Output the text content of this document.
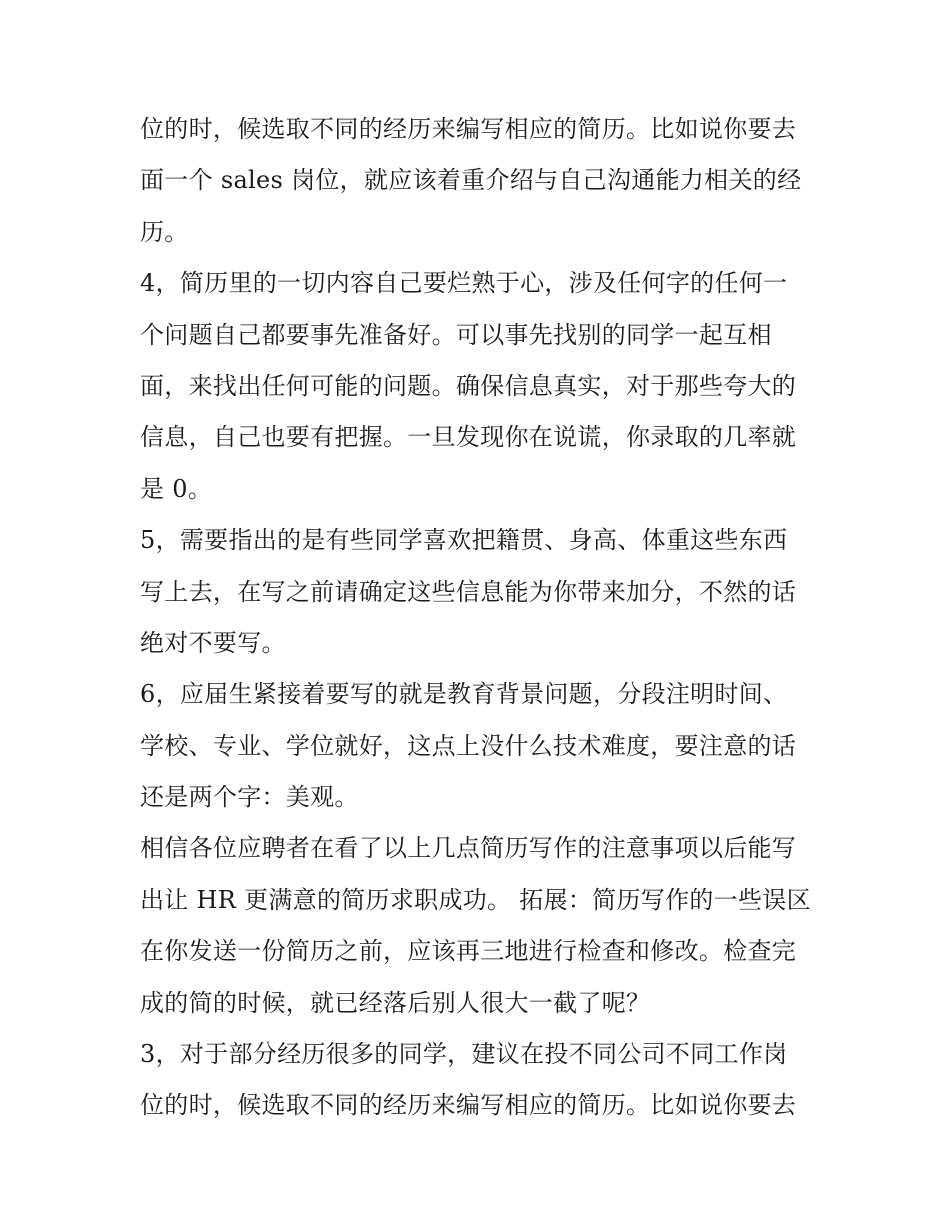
位的时，候选取不同的经历来编写相应的简历。比如说你要去
面一个 sales 岗位，就应该着重介绍与自己沟通能力相关的经
历。
4，简历里的一切内容自己要烂熟于心，涉及任何字的任何一
个问题自己都要事先准备好。可以事先找别的同学一起互相
面，来找出任何可能的问题。确保信息真实，对于那些夸大的
信息，自己也要有把握。一旦发现你在说谎，你录取的几率就
是 0。
5，需要指出的是有些同学喜欢把籍贯、身高、体重这些东西
写上去，在写之前请确定这些信息能为你带来加分，不然的话
绝对不要写。
6，应届生紧接着要写的就是教育背景问题，分段注明时间、
学校、专业、学位就好，这点上没什么技术难度，要注意的话
还是两个字：美观。
相信各位应聘者在看了以上几点简历写作的注意事项以后能写
出让 HR 更满意的简历求职成功。 拓展：简历写作的一些误区
在你发送一份简历之前，应该再三地进行检查和修改。检查完
成的简的时候，就已经落后别人很大一截了呢？
3，对于部分经历很多的同学，建议在投不同公司不同工作岗
位的时，候选取不同的经历来编写相应的简历。比如说你要去
